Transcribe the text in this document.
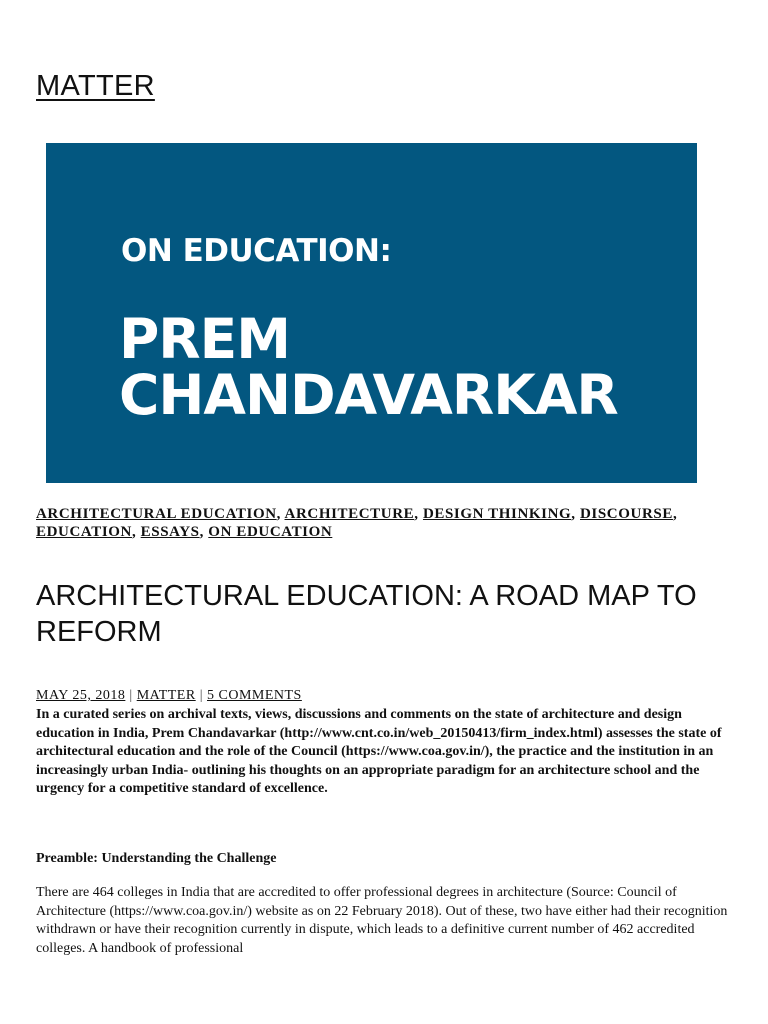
MATTER
ON EDUCATION:
PREM
CHANDAVARKAR
ARCHITECTURAL EDUCATION, ARCHITECTURE, DESIGN THINKING, DISCOURSE,
EDUCATION, ESSAYS, ON EDUCATION
ARCHITECTURAL EDUCATION: A ROAD MAP TO REFORM
MAY 25, 2018 | MATTER | 5 COMMENTS

In a curated series on archival texts, views, discussions and comments on the state of architecture and design education in India, Prem Chandavarkar (http://www.cnt.co.in/web_20150413/firm_index.html) assesses the state of architectural education and the role of the Council (https://www.coa.gov.in/), the practice and the institution in an increasingly urban India- outlining his thoughts on an appropriate paradigm for an architecture school and the urgency for a competitive standard of excellence.

Preamble: Understanding the Challenge

There are 464 colleges in India that are accredited to offer professional degrees in architecture (Source: Council of Architecture (https://www.coa.gov.in/) website as on 22 February 2018). Out of these, two have either had their recognition withdrawn or have their recognition currently in dispute, which leads to a definitive current number of 462 accredited colleges. A handbook of professional
